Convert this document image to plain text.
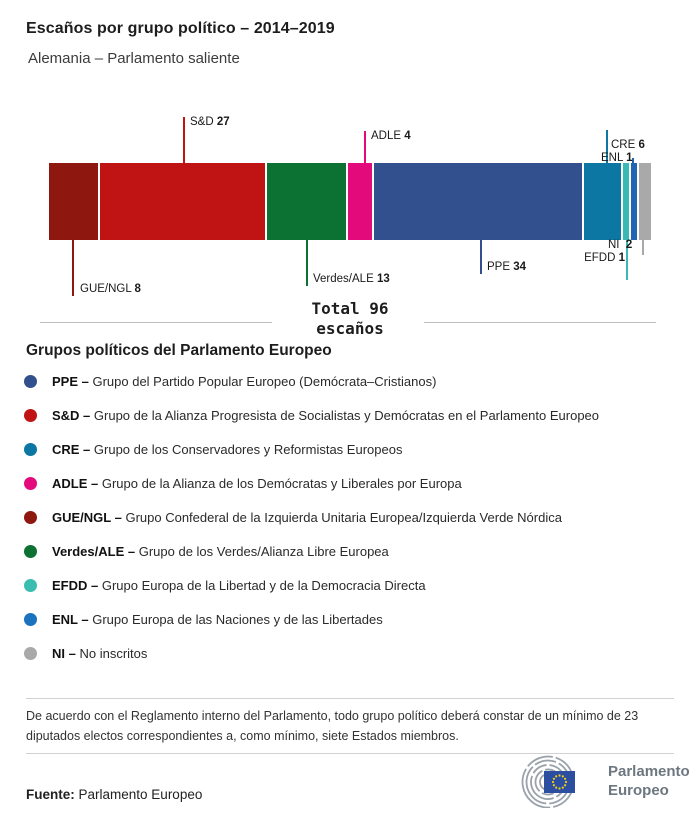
Escaños por grupo político – 2014–2019
Alemania – Parlamento saliente
S&D 27
ADLE 4
CRE 6
ENL 1
GUE/NGL 8
Verdes/ALE 13
PPE 34
EFDD 1
NI 2
Total 96
escaños
Grupos políticos del Parlamento Europeo
PPE – Grupo del Partido Popular Europeo (Demócrata–Cristianos)
S&D – Grupo de la Alianza Progresista de Socialistas y Demócratas en el Parlamento Europeo
CRE – Grupo de los Conservadores y Reformistas Europeos
ADLE – Grupo de la Alianza de los Demócratas y Liberales por Europa
GUE/NGL – Grupo Confederal de la Izquierda Unitaria Europea/Izquierda Verde Nórdica
Verdes/ALE – Grupo de los Verdes/Alianza Libre Europea
EFDD – Grupo Europa de la Libertad y de la Democracia Directa
ENL – Grupo Europa de las Naciones y de las Libertades
NI – No inscritos
De acuerdo con el Reglamento interno del Parlamento, todo grupo político deberá constar de un mínimo de 23 diputados electos correspondientes a, como mínimo, siete Estados miembros.
Fuente: Parlamento Europeo
Parlamento
Europeo
